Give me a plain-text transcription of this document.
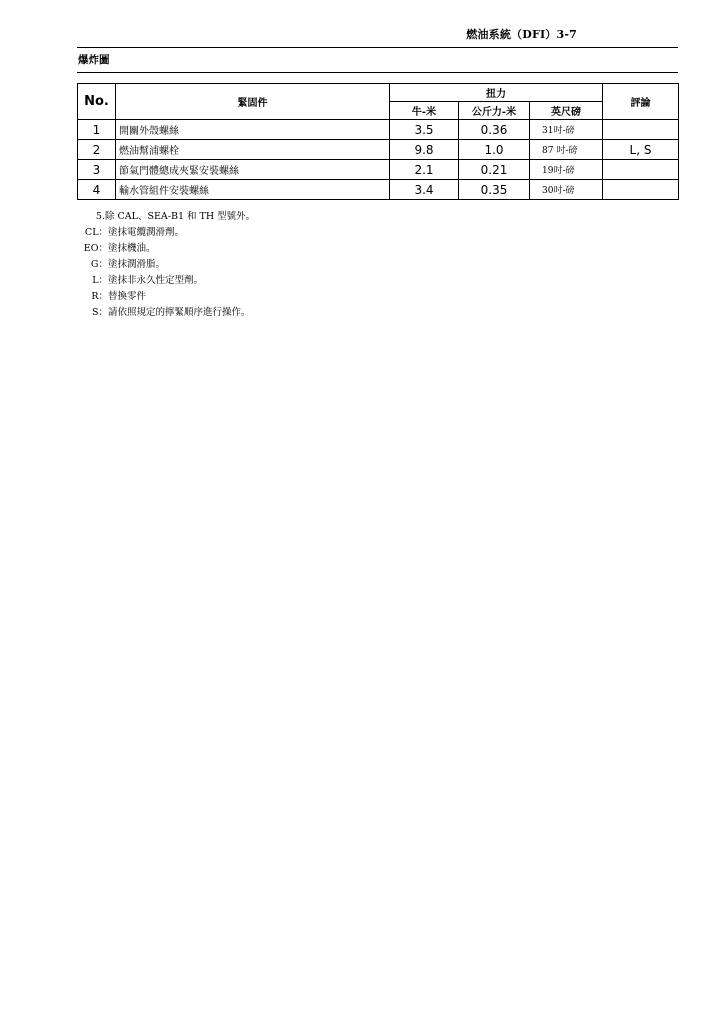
燃油系統（DFI）3-7
爆炸圖
No.	緊固件	扭力			評論
		牛-米	公斤力-米	英尺磅	
1	開關外殼螺絲	3.5	0.36	31吋-磅	
2	燃油幫浦螺栓	9.8	1.0	87 吋-磅	L, S
3	節氣門體總成夾緊安裝螺絲	2.1	0.21	19吋-磅	
4	輸水管組件安裝螺絲	3.4	0.35	30吋-磅	
5. 除 CAL、SEA-B1 和 TH 型號外。
CL： 塗抹電纜潤滑劑。
EO： 塗抹機油。
G： 塗抹潤滑脂。
L： 塗抹非永久性定型劑。
R： 替換零件
S： 請依照規定的擰緊順序進行操作。
